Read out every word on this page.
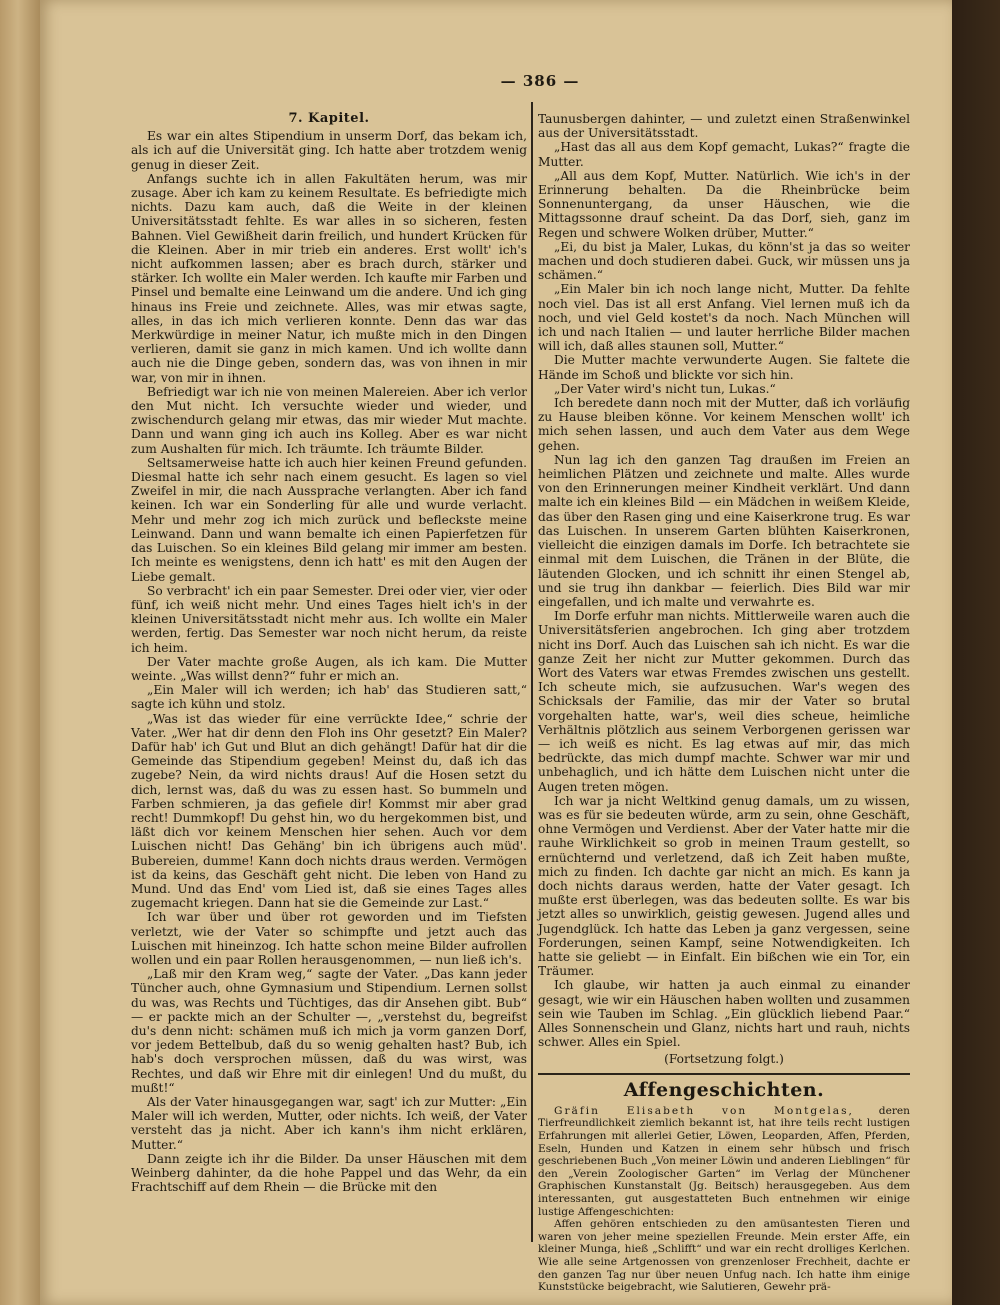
— 386 —
7. Kapitel.

Es war ein altes Stipendium in unserm Dorf, das bekam ich, als ich auf die Universität ging. Ich hatte aber trotzdem wenig genug in dieser Zeit.

Anfangs suchte ich in allen Fakultäten herum, was mir zusage. Aber ich kam zu keinem Resultate. Es befriedigte mich nichts. Dazu kam auch, daß die Weite in der kleinen Universitätsstadt fehlte. Es war alles in so sicheren, festen Bahnen. Viel Gewißheit darin freilich, und hundert Krücken für die Kleinen. Aber in mir trieb ein anderes. Erst wollt' ich's nicht aufkommen lassen; aber es brach durch, stärker und stärker. Ich wollte ein Maler werden. Ich kaufte mir Farben und Pinsel und bemalte eine Leinwand um die andere. Und ich ging hinaus ins Freie und zeichnete. Alles, was mir etwas sagte, alles, in das ich mich verlieren konnte. Denn das war das Merkwürdige in meiner Natur, ich mußte mich in den Dingen verlieren, damit sie ganz in mich kamen. Und ich wollte dann auch nie die Dinge geben, sondern das, was von ihnen in mir war, von mir in ihnen.

Befriedigt war ich nie von meinen Malereien. Aber ich verlor den Mut nicht. Ich versuchte wieder und wieder, und zwischendurch gelang mir etwas, das mir wieder Mut machte. Dann und wann ging ich auch ins Kolleg. Aber es war nicht zum Aushalten für mich. Ich träumte. Ich träumte Bilder.

Seltsamerweise hatte ich auch hier keinen Freund gefunden. Diesmal hatte ich sehr nach einem gesucht. Es lagen so viel Zweifel in mir, die nach Aussprache verlangten. Aber ich fand keinen. Ich war ein Sonderling für alle und wurde verlacht. Mehr und mehr zog ich mich zurück und befleckste meine Leinwand. Dann und wann bemalte ich einen Papierfetzen für das Luischen. So ein kleines Bild gelang mir immer am besten. Ich meinte es wenigstens, denn ich hatt' es mit den Augen der Liebe gemalt.

So verbracht' ich ein paar Semester. Drei oder vier, vier oder fünf, ich weiß nicht mehr. Und eines Tages hielt ich's in der kleinen Universitätsstadt nicht mehr aus. Ich wollte ein Maler werden, fertig. Das Semester war noch nicht herum, da reiste ich heim.

Der Vater machte große Augen, als ich kam. Die Mutter weinte. „Was willst denn?“ fuhr er mich an.

„Ein Maler will ich werden; ich hab' das Studieren satt,“ sagte ich kühn und stolz.

„Was ist das wieder für eine verrückte Idee,“ schrie der Vater. „Wer hat dir denn den Floh ins Ohr gesetzt? Ein Maler? Dafür hab' ich Gut und Blut an dich gehängt! Dafür hat dir die Gemeinde das Stipendium gegeben! Meinst du, daß ich das zugebe? Nein, da wird nichts draus! Auf die Hosen setzt du dich, lernst was, daß du was zu essen hast. So bummeln und Farben schmieren, ja das gefiele dir! Kommst mir aber grad recht! Dummkopf! Du gehst hin, wo du hergekommen bist, und läßt dich vor keinem Menschen hier sehen. Auch vor dem Luischen nicht! Das Gehäng' bin ich übrigens auch müd'. Bubereien, dumme! Kann doch nichts draus werden. Vermögen ist da keins, das Geschäft geht nicht. Die leben von Hand zu Mund. Und das End' vom Lied ist, daß sie eines Tages alles zugemacht kriegen. Dann hat sie die Gemeinde zur Last.“

Ich war über und über rot geworden und im Tiefsten verletzt, wie der Vater so schimpfte und jetzt auch das Luischen mit hineinzog. Ich hatte schon meine Bilder aufrollen wollen und ein paar Rollen herausgenommen, — nun ließ ich's.

„Laß mir den Kram weg,“ sagte der Vater. „Das kann jeder Tüncher auch, ohne Gymnasium und Stipendium. Lernen sollst du was, was Rechts und Tüchtiges, das dir Ansehen gibt. Bub“ — er packte mich an der Schulter —, „verstehst du, begreifst du's denn nicht: schämen muß ich mich ja vorm ganzen Dorf, vor jedem Bettelbub, daß du so wenig gehalten hast? Bub, ich hab's doch versprochen müssen, daß du was wirst, was Rechtes, und daß wir Ehre mit dir einlegen! Und du mußt, du mußt!“

Als der Vater hinausgegangen war, sagt' ich zur Mutter: „Ein Maler will ich werden, Mutter, oder nichts. Ich weiß, der Vater versteht das ja nicht. Aber ich kann's ihm nicht erklären, Mutter.“

Dann zeigte ich ihr die Bilder. Da unser Häuschen mit dem Weinberg dahinter, da die hohe Pappel und das Wehr, da ein Frachtschiff auf dem Rhein — die Brücke mit den

Taunusbergen dahinter, — und zuletzt einen Straßenwinkel aus der Universitätsstadt.

„Hast das all aus dem Kopf gemacht, Lukas?“ fragte die Mutter.

„All aus dem Kopf, Mutter. Natürlich. Wie ich's in der Erinnerung behalten. Da die Rheinbrücke beim Sonnenuntergang, da unser Häuschen, wie die Mittagssonne drauf scheint. Da das Dorf, sieh, ganz im Regen und schwere Wolken drüber, Mutter.“

„Ei, du bist ja Maler, Lukas, du könn'st ja das so weiter machen und doch studieren dabei. Guck, wir müssen uns ja schämen.“

„Ein Maler bin ich noch lange nicht, Mutter. Da fehlte noch viel. Das ist all erst Anfang. Viel lernen muß ich da noch, und viel Geld kostet's da noch. Nach München will ich und nach Italien — und lauter herrliche Bilder machen will ich, daß alles staunen soll, Mutter.“

Die Mutter machte verwunderte Augen. Sie faltete die Hände im Schoß und blickte vor sich hin.

„Der Vater wird's nicht tun, Lukas.“

Ich beredete dann noch mit der Mutter, daß ich vorläufig zu Hause bleiben könne. Vor keinem Menschen wollt' ich mich sehen lassen, und auch dem Vater aus dem Wege gehen.

Nun lag ich den ganzen Tag draußen im Freien an heimlichen Plätzen und zeichnete und malte. Alles wurde von den Erinnerungen meiner Kindheit verklärt. Und dann malte ich ein kleines Bild — ein Mädchen in weißem Kleide, das über den Rasen ging und eine Kaiserkrone trug. Es war das Luischen. In unserem Garten blühten Kaiserkronen, vielleicht die einzigen damals im Dorfe. Ich betrachtete sie einmal mit dem Luischen, die Tränen in der Blüte, die läutenden Glocken, und ich schnitt ihr einen Stengel ab, und sie trug ihn dankbar — feierlich. Dies Bild war mir eingefallen, und ich malte und verwahrte es.

Im Dorfe erfuhr man nichts. Mittlerweile waren auch die Universitätsferien angebrochen. Ich ging aber trotzdem nicht ins Dorf. Auch das Luischen sah ich nicht. Es war die ganze Zeit her nicht zur Mutter gekommen. Durch das Wort des Vaters war etwas Fremdes zwischen uns gestellt. Ich scheute mich, sie aufzusuchen. War's wegen des Schicksals der Familie, das mir der Vater so brutal vorgehalten hatte, war's, weil dies scheue, heimliche Verhältnis plötzlich aus seinem Verborgenen gerissen war — ich weiß es nicht. Es lag etwas auf mir, das mich bedrückte, das mich dumpf machte. Schwer war mir und unbehaglich, und ich hätte dem Luischen nicht unter die Augen treten mögen.

Ich war ja nicht Weltkind genug damals, um zu wissen, was es für sie bedeuten würde, arm zu sein, ohne Geschäft, ohne Vermögen und Verdienst. Aber der Vater hatte mir die rauhe Wirklichkeit so grob in meinen Traum gestellt, so ernüchternd und verletzend, daß ich Zeit haben mußte, mich zu finden. Ich dachte gar nicht an mich. Es kann ja doch nichts daraus werden, hatte der Vater gesagt. Ich mußte erst überlegen, was das bedeuten sollte. Es war bis jetzt alles so unwirklich, geistig gewesen. Jugend alles und Jugendglück. Ich hatte das Leben ja ganz vergessen, seine Forderungen, seinen Kampf, seine Notwendigkeiten. Ich hatte sie geliebt — in Einfalt. Ein bißchen wie ein Tor, ein Träumer.

Ich glaube, wir hatten ja auch einmal zu einander gesagt, wie wir ein Häuschen haben wollten und zusammen sein wie Tauben im Schlag. „Ein glücklich liebend Paar.“ Alles Sonnenschein und Glanz, nichts hart und rauh, nichts schwer. Alles ein Spiel.

(Fortsetzung folgt.)
Affengeschichten.

Gräfin Elisabeth von Montgelas, deren Tierfreundlichkeit ziemlich bekannt ist, hat ihre teils recht lustigen Erfahrungen mit allerlei Getier, Löwen, Leoparden, Affen, Pferden, Eseln, Hunden und Katzen in einem sehr hübsch und frisch geschriebenen Buch „Von meiner Löwin und anderen Lieblingen“ für den „Verein Zoologischer Garten“ im Verlag der Münchener Graphischen Kunstanstalt (Jg. Beitsch) herausgegeben. Aus dem interessanten, gut ausgestatteten Buch entnehmen wir einige lustige Affengeschichten:

Affen gehören entschieden zu den amüsantesten Tieren und waren von jeher meine speziellen Freunde. Mein erster Affe, ein kleiner Munga, hieß „Schlifft“ und war ein recht drolliges Kerlchen. Wie alle seine Artgenossen von grenzenloser Frechheit, dachte er den ganzen Tag nur über neuen Unfug nach. Ich hatte ihm einige Kunststücke beigebracht, wie Salutieren, Gewehr prä-
